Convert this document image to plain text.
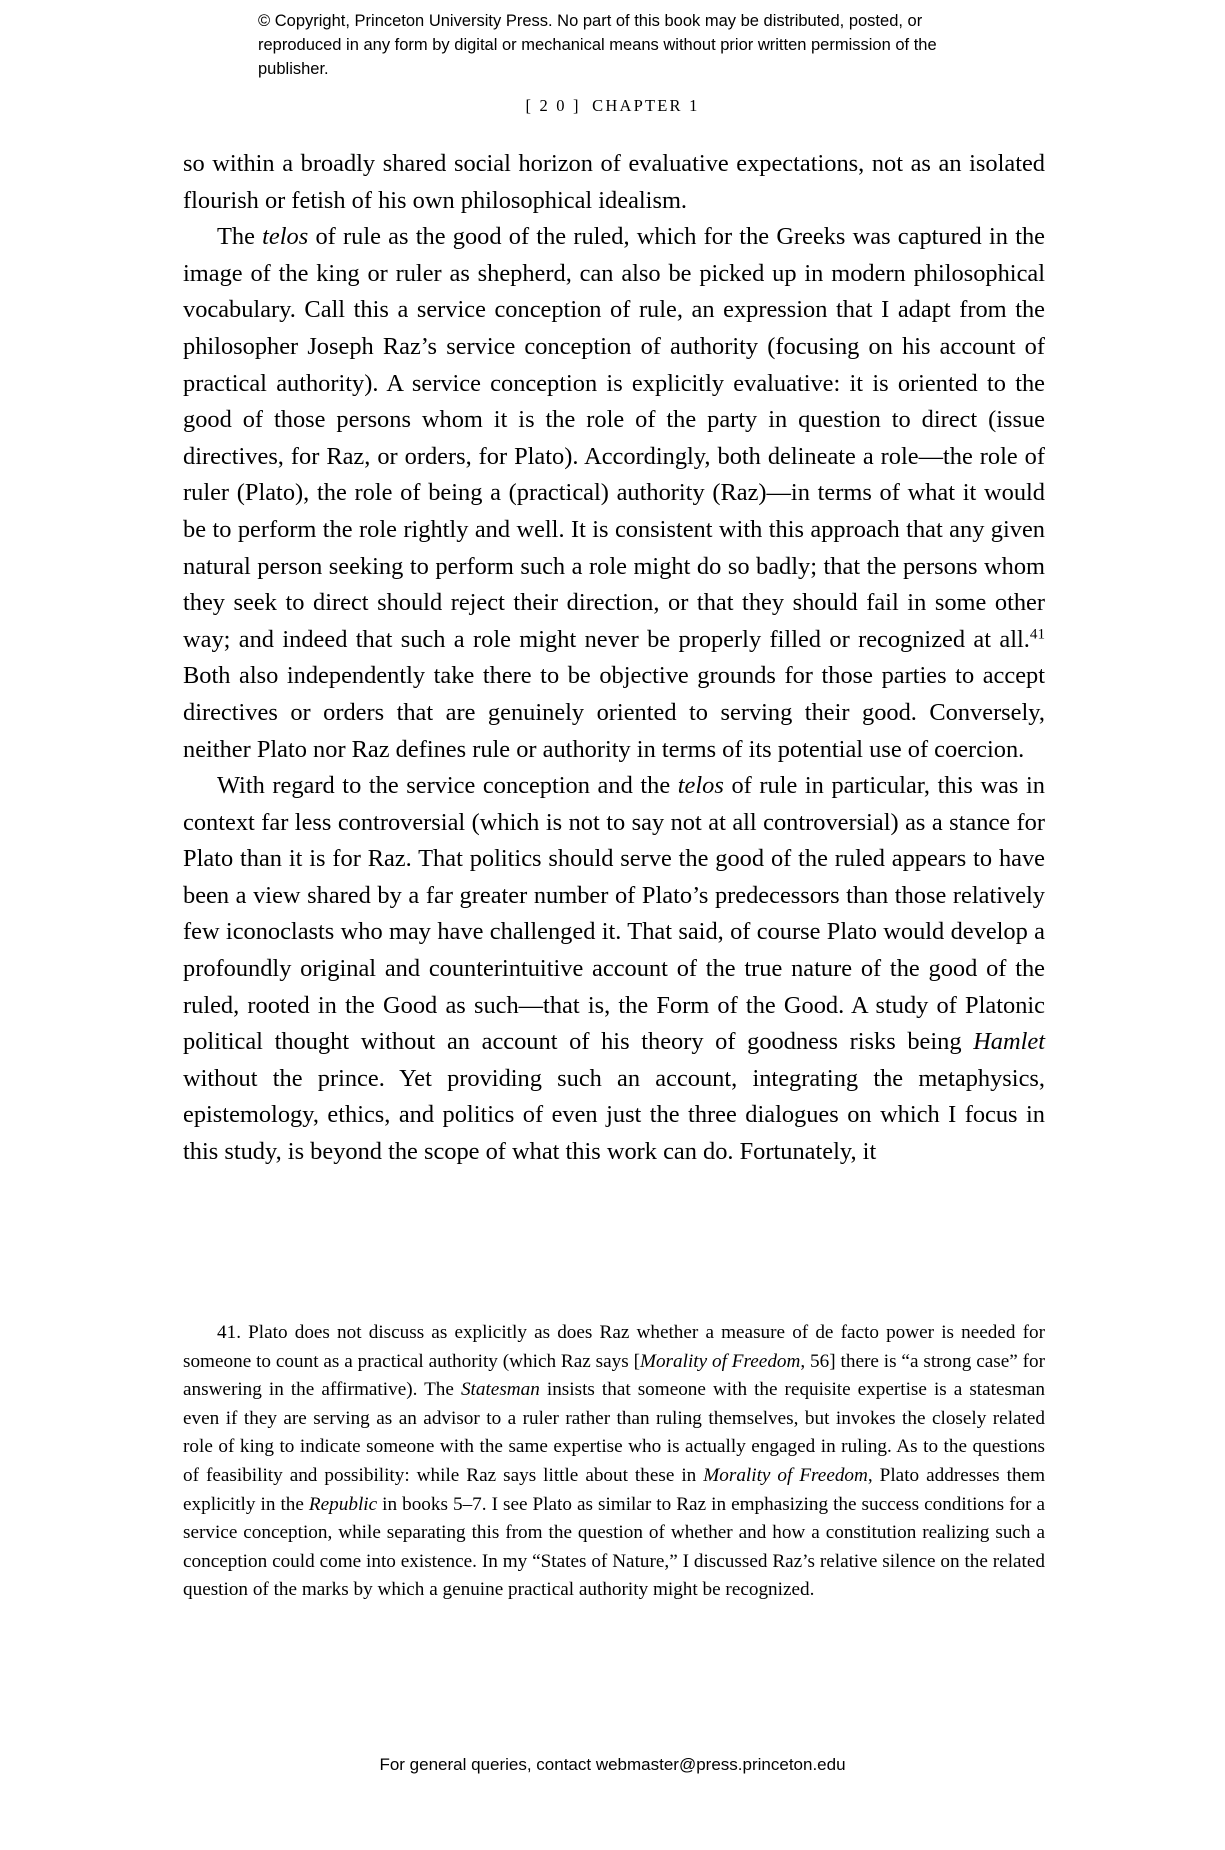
© Copyright, Princeton University Press. No part of this book may be distributed, posted, or reproduced in any form by digital or mechanical means without prior written permission of the publisher.
[ 2 0 ] CHAPTER 1

so within a broadly shared social horizon of evaluative expectations, not as an isolated flourish or fetish of his own philosophical idealism.

The telos of rule as the good of the ruled, which for the Greeks was captured in the image of the king or ruler as shepherd, can also be picked up in modern philosophical vocabulary. Call this a service conception of rule, an expression that I adapt from the philosopher Joseph Raz’s service conception of authority (focusing on his account of practical authority). A service conception is explicitly evaluative: it is oriented to the good of those persons whom it is the role of the party in question to direct (issue directives, for Raz, or orders, for Plato). Accordingly, both delineate a role—the role of ruler (Plato), the role of being a (practical) authority (Raz)—in terms of what it would be to perform the role rightly and well. It is consistent with this approach that any given natural person seeking to perform such a role might do so badly; that the persons whom they seek to direct should reject their direction, or that they should fail in some other way; and indeed that such a role might never be properly filled or recognized at all.$^{41}$ Both also independently take there to be objective grounds for those parties to accept directives or orders that are genuinely oriented to serving their good. Conversely, neither Plato nor Raz defines rule or authority in terms of its potential use of coercion.

With regard to the service conception and the telos of rule in particular, this was in context far less controversial (which is not to say not at all controversial) as a stance for Plato than it is for Raz. That politics should serve the good of the ruled appears to have been a view shared by a far greater number of Plato’s predecessors than those relatively few iconoclasts who may have challenged it. That said, of course Plato would develop a profoundly original and counterintuitive account of the true nature of the good of the ruled, rooted in the Good as such—that is, the Form of the Good. A study of Platonic political thought without an account of his theory of goodness risks being Hamlet without the prince. Yet providing such an account, integrating the metaphysics, epistemology, ethics, and politics of even just the three dialogues on which I focus in this study, is beyond the scope of what this work can do. Fortunately, it

41. Plato does not discuss as explicitly as does Raz whether a measure of de facto power is needed for someone to count as a practical authority (which Raz says [Morality of Freedom, 56] there is “a strong case” for answering in the affirmative). The Statesman insists that someone with the requisite expertise is a statesman even if they are serving as an advisor to a ruler rather than ruling themselves, but invokes the closely related role of king to indicate someone with the same expertise who is actually engaged in ruling. As to the questions of feasibility and possibility: while Raz says little about these in Morality of Freedom, Plato addresses them explicitly in the Republic in books 5–7. I see Plato as similar to Raz in emphasizing the success conditions for a service conception, while separating this from the question of whether and how a constitution realizing such a conception could come into existence. In my “States of Nature,” I discussed Raz’s relative silence on the related question of the marks by which a genuine practical authority might be recognized.

For general queries, contact webmaster@press.princeton.edu
